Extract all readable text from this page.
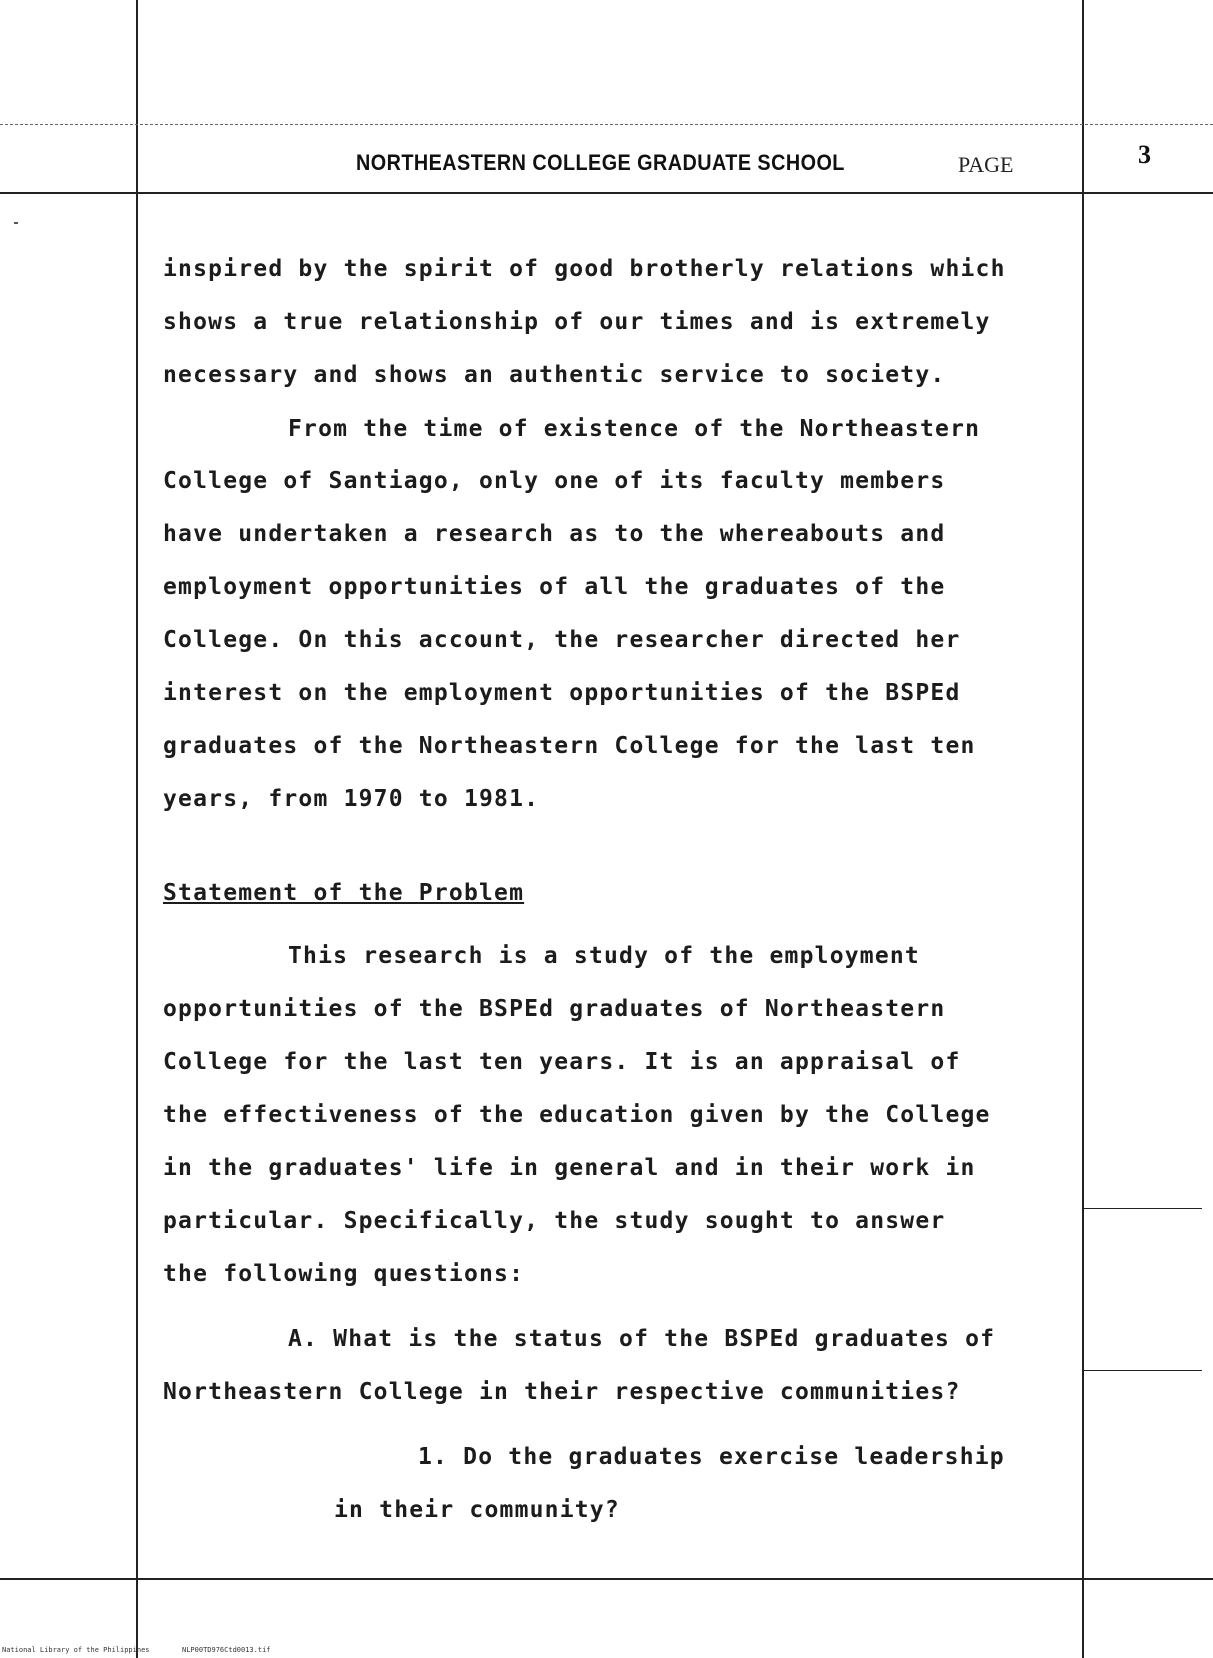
NORTHEASTERN COLLEGE GRADUATE SCHOOL	PAGE	3
inspired by the spirit of good brotherly relations which
shows a true relationship of our times and is extremely
necessary and shows an authentic service to society.
From the time of existence of the Northeastern
College of Santiago, only one of its faculty members
have undertaken a research as to the whereabouts and
employment opportunities of all the graduates of the
College. On this account, the researcher directed her
interest on the employment opportunities of the BSPEd
graduates of the Northeastern College for the last ten
years, from 1970 to 1981.
Statement of the Problem
This research is a study of the employment
opportunities of the BSPEd graduates of Northeastern
College for the last ten years. It is an appraisal of
the effectiveness of the education given by the College
in the graduates' life in general and in their work in
particular. Specifically, the study sought to answer
the following questions:
A. What is the status of the BSPEd graduates of
Northeastern College in their respective communities?
1. Do the graduates exercise leadership
in their community?
National Library of the Philippines	NLP00TD976Ctd0013.tif
